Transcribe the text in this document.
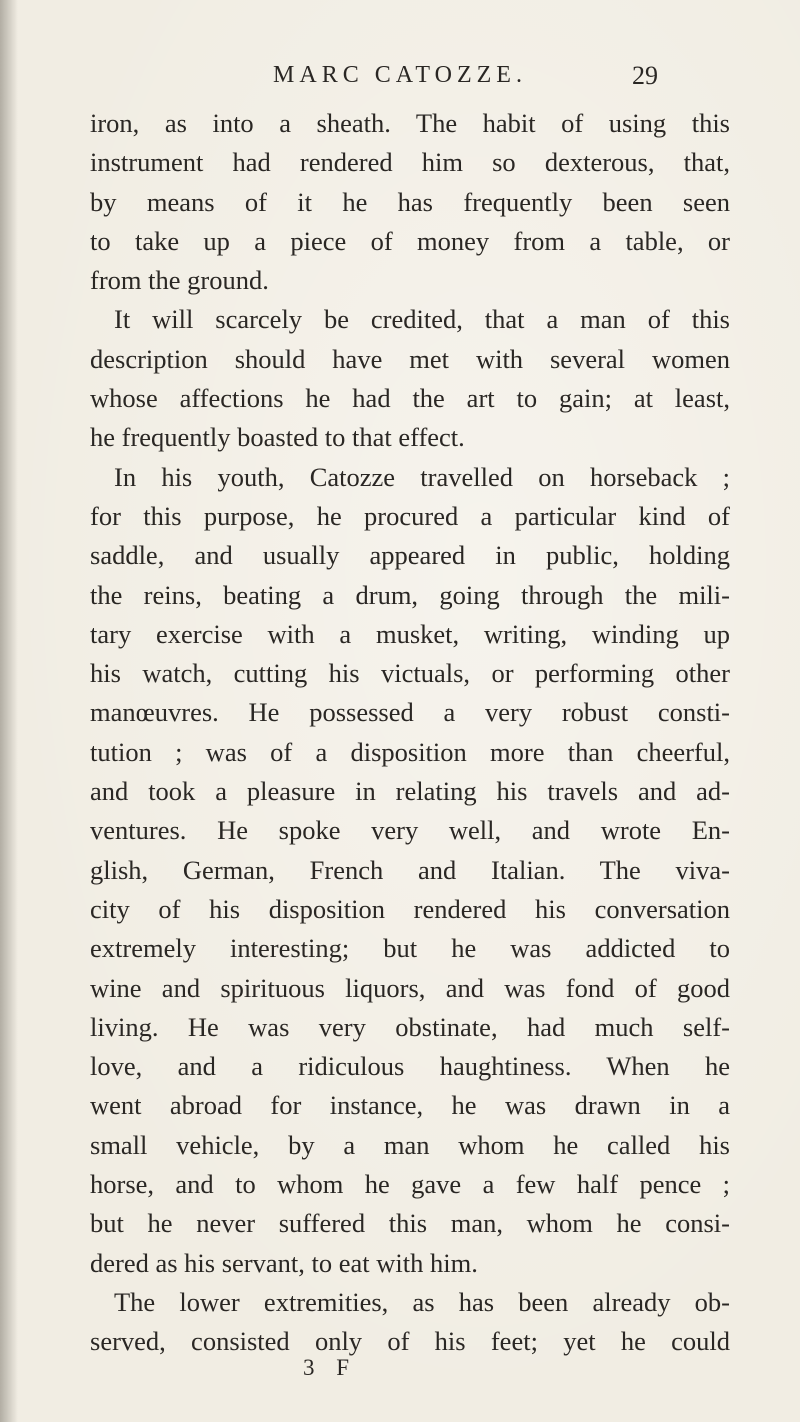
MARC CATOZZE.	29
iron, as into a sheath. The habit of using this
instrument had rendered him so dexterous, that,
by means of it he has frequently been seen
to take up a piece of money from a table, or
from the ground.
It will scarcely be credited, that a man of this
description should have met with several women
whose affections he had the art to gain; at least,
he frequently boasted to that effect.
In his youth, Catozze travelled on horseback ;
for this purpose, he procured a particular kind of
saddle, and usually appeared in public, holding
the reins, beating a drum, going through the mili-
tary exercise with a musket, writing, winding up
his watch, cutting his victuals, or performing other
manœuvres. He possessed a very robust consti-
tution ; was of a disposition more than cheerful,
and took a pleasure in relating his travels and ad-
ventures. He spoke very well, and wrote En-
glish, German, French and Italian. The viva-
city of his disposition rendered his conversation
extremely interesting; but he was addicted to
wine and spirituous liquors, and was fond of good
living. He was very obstinate, had much self-
love, and a ridiculous haughtiness. When he
went abroad for instance, he was drawn in a
small vehicle, by a man whom he called his
horse, and to whom he gave a few half pence ;
but he never suffered this man, whom he consi-
dered as his servant, to eat with him.
The lower extremities, as has been already ob-
served, consisted only of his feet; yet he could
3 F
